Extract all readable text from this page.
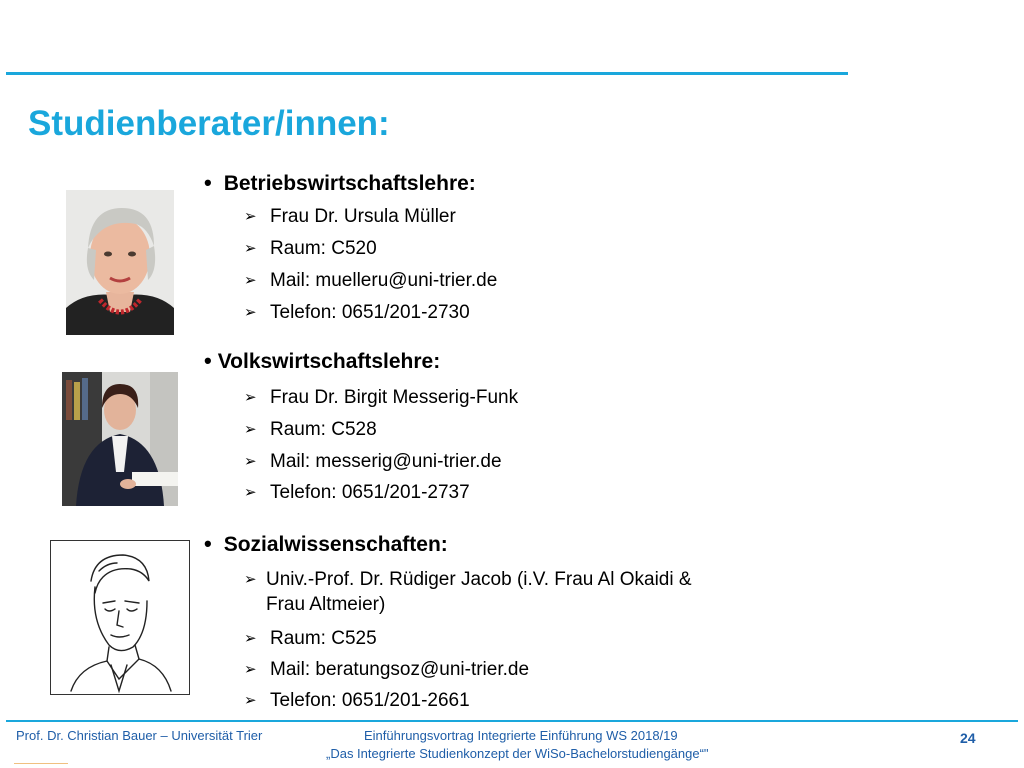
Studienberater/innen:
• Betriebswirtschaftslehre:
➢ Frau Dr. Ursula Müller
➢ Raum: C520
➢ Mail: muelleru@uni-trier.de
➢ Telefon: 0651/201-2730
• Volkswirtschaftslehre:
➢ Frau Dr. Birgit Messerig-Funk
➢ Raum: C528
➢ Mail: messerig@uni-trier.de
➢ Telefon: 0651/201-2737
• Sozialwissenschaften:
➢ Univ.-Prof. Dr. Rüdiger Jacob (i.V. Frau Al Okaidi &
Frau Altmeier)
➢ Raum: C525
➢ Mail: beratungsoz@uni-trier.de
➢ Telefon: 0651/201-2661
Prof. Dr. Christian Bauer – Universität Trier	Einführungsvortrag Integrierte Einführung WS 2018/19
„Das Integrierte Studienkonzept der WiSo-Bachelorstudiengänge“"
24
